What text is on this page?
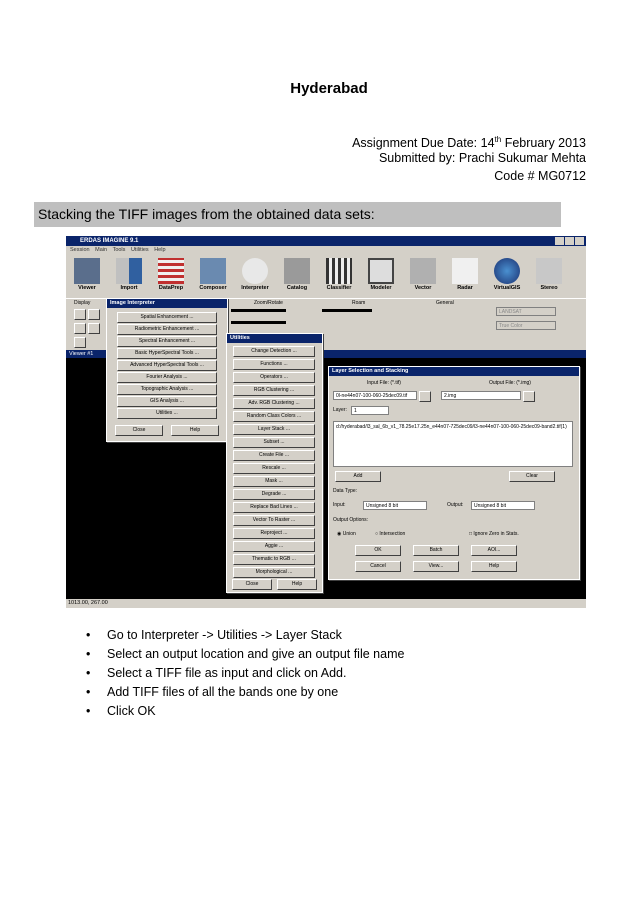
Hyderabad
Assignment Due Date: 14th February 2013
Submitted by: Prachi Sukumar Mehta
Code # MG0712
Stacking the TIFF images from the obtained data sets:
ERDAS IMAGINE 9.1
Session Main Tools Utilities Help
Viewer	Import	DataPrep	Composer	Interpreter	Catalog	Classifier	Modeler	Vector	Radar	VirtualGIS	Stereo
Display	Zoom/Rotate	Roam	General
LANDSAT
True Color
Viewer #1
Image Interpreter
Spatial Enhancement ...
Radiometric Enhancement ...
Spectral Enhancement ...
Basic HyperSpectral Tools ...
Advanced HyperSpectral Tools ...
Fourier Analysis ...
Topographic Analysis ...
GIS Analysis ...
Utilities ...
Close	Help
Utilities
Change Detection ...
Functions ...
Operators ...
RGB Clustering ...
Adv. RGB Clustering ...
Random Class Colors ...
Layer Stack ...
Subset ...
Create File ...
Rescale ...
Mask ...
Degrade ...
Replace Bad Lines ...
Vector To Raster ...
Reproject ...
Aggie ...
Thematic to RGB ...
Morphological ...
Close	Help
Layer Selection and Stacking
Input File: (*.tif)	Output File: (*.img)
0l-ne44n07-100-060-25dec09.tif	2.img
Layer:	1
d:/hyderabad/l3_sal_6b_v1_78.25e17.25n_e44n07-725dec09/l3-ne44n07-100-060-25dec09-band2.tif(1)
Add	Clear
Data Type:
Input:	Unsigned 8 bit	Output:	Unsigned 8 bit
Output Options:
◉ Union	○ Intersection	□ Ignore Zero in Stats.
OK	Batch	AOI...
Cancel	View...	Help
1013.00, 267.00
• Go to Interpreter -> Utilities -> Layer Stack
• Select an output location and give an output file name
• Select a TIFF file as input and click on Add.
• Add TIFF files of all the bands one by one
• Click OK
